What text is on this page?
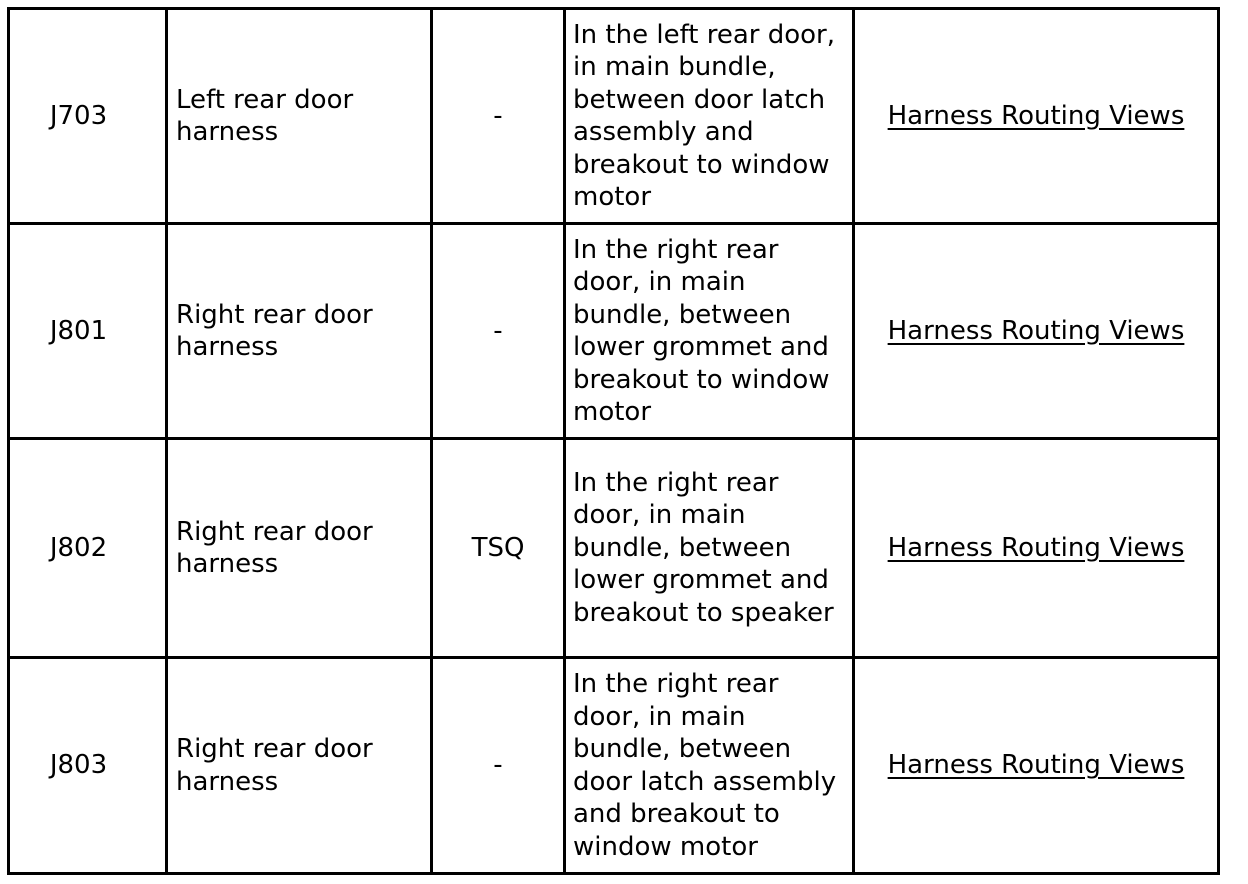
J703	Left rear door harness	-	In the left rear door, in main bundle, between door latch assembly and breakout to window motor	Harness Routing Views
J801	Right rear door harness	-	In the right rear door, in main bundle, between lower grommet and breakout to window motor	Harness Routing Views
J802	Right rear door harness	TSQ	In the right rear door, in main bundle, between lower grommet and breakout to speaker	Harness Routing Views
J803	Right rear door harness	-	In the right rear door, in main bundle, between door latch assembly and breakout to window motor	Harness Routing Views
